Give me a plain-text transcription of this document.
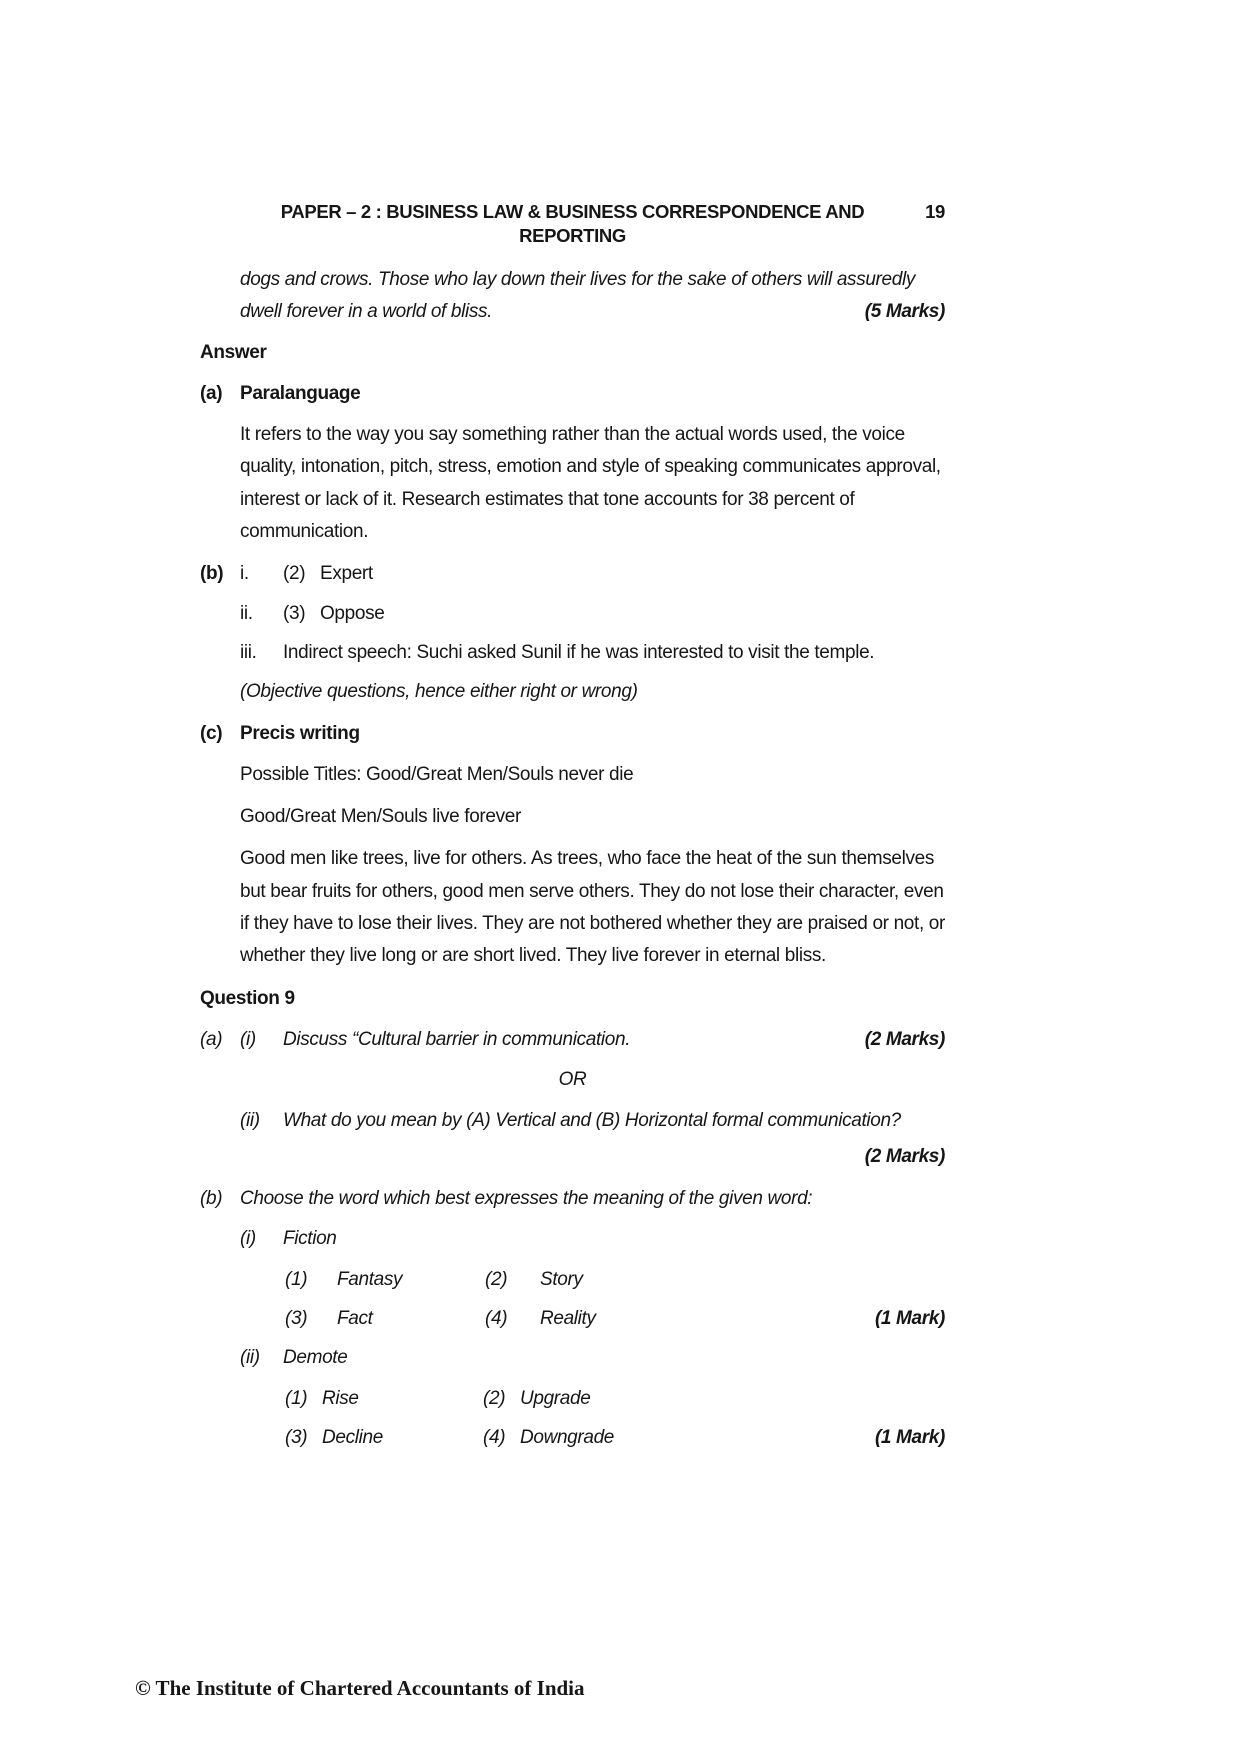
PAPER – 2 : BUSINESS LAW & BUSINESS CORRESPONDENCE AND REPORTING
19
dogs and crows. Those who lay down their lives for the sake of others will assuredly dwell forever in a world of bliss.	(5 Marks)
Answer
(a) Paralanguage
It refers to the way you say something rather than the actual words used, the voice quality, intonation, pitch, stress, emotion and style of speaking communicates approval, interest or lack of it. Research estimates that tone accounts for 38 percent of communication.
(b) i.	(2) Expert
ii.	(3) Oppose
iii.	Indirect speech: Suchi asked Sunil if he was interested to visit the temple.
(Objective questions, hence either right or wrong)
(c) Precis writing
Possible Titles: Good/Great Men/Souls never die
Good/Great Men/Souls live forever
Good men like trees, live for others. As trees, who face the heat of the sun themselves but bear fruits for others, good men serve others. They do not lose their character, even if they have to lose their lives. They are not bothered whether they are praised or not, or whether they live long or are short lived. They live forever in eternal bliss.
Question 9
(a) (i)	Discuss “Cultural barrier in communication.	(2 Marks)
OR
(ii)	What do you mean by (A) Vertical and (B) Horizontal formal communication?
(2 Marks)
(b) Choose the word which best expresses the meaning of the given word:
(i)	Fiction
(1)	Fantasy	(2)	Story
(3)	Fact	(4)	Reality	(1 Mark)
(ii)	Demote
(1) Rise	(2) Upgrade
(3) Decline	(4) Downgrade	(1 Mark)
© The Institute of Chartered Accountants of India
